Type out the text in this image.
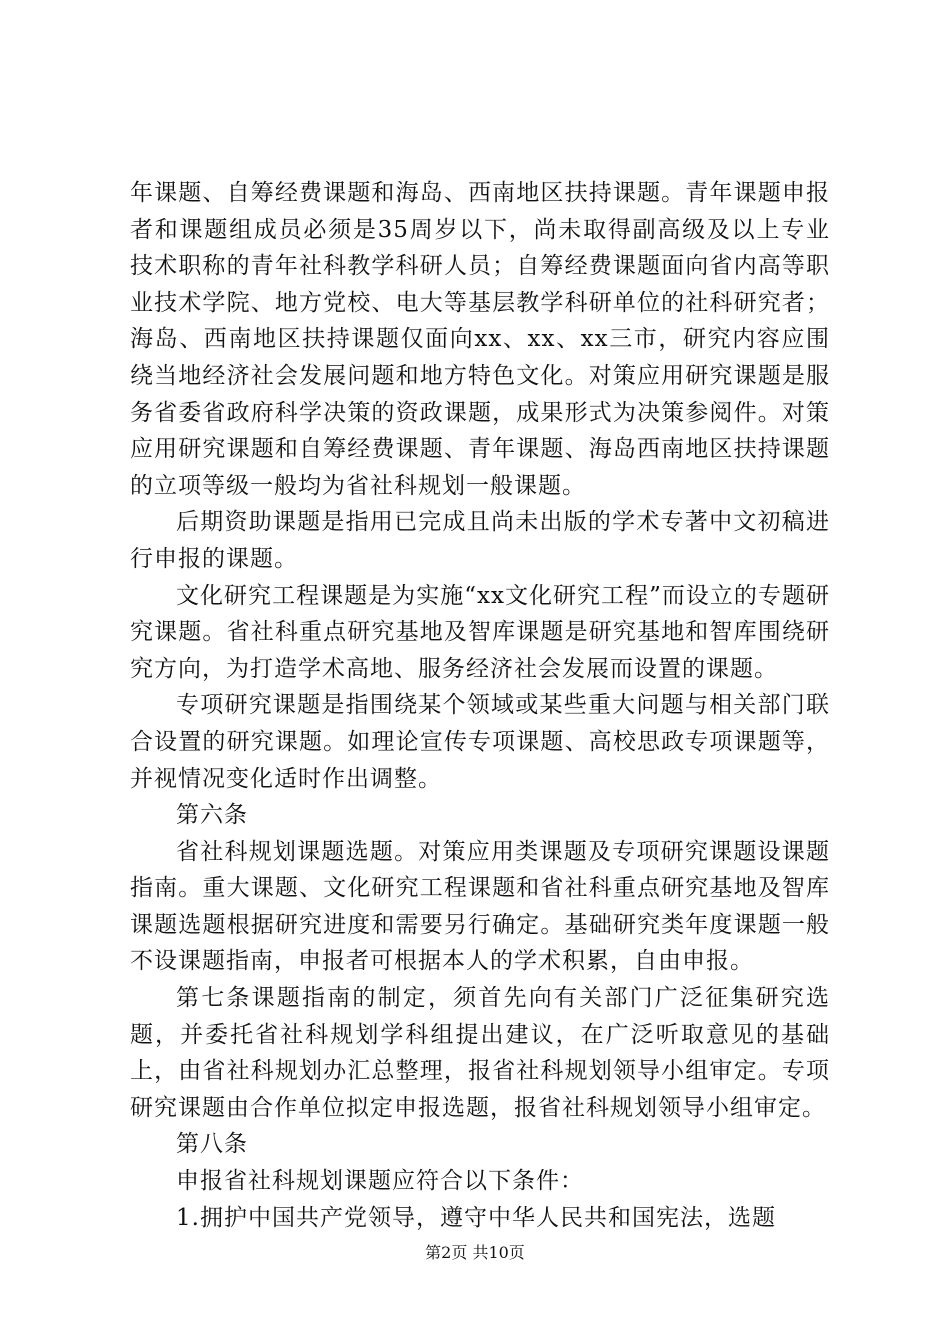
年课题、自筹经费课题和海岛、西南地区扶持课题。青年课题申报者和课题组成员必须是35周岁以下，尚未取得副高级及以上专业技术职称的青年社科教学科研人员；自筹经费课题面向省内高等职业技术学院、地方党校、电大等基层教学科研单位的社科研究者；海岛、西南地区扶持课题仅面向xx、xx、xx三市，研究内容应围绕当地经济社会发展问题和地方特色文化。对策应用研究课题是服务省委省政府科学决策的资政课题，成果形式为决策参阅件。对策应用研究课题和自筹经费课题、青年课题、海岛西南地区扶持课题的立项等级一般均为省社科规划一般课题。

后期资助课题是指用已完成且尚未出版的学术专著中文初稿进行申报的课题。

文化研究工程课题是为实施“xx文化研究工程”而设立的专题研究课题。省社科重点研究基地及智库课题是研究基地和智库围绕研究方向，为打造学术高地、服务经济社会发展而设置的课题。

专项研究课题是指围绕某个领域或某些重大问题与相关部门联合设置的研究课题。如理论宣传专项课题、高校思政专项课题等，并视情况变化适时作出调整。

第六条

省社科规划课题选题。对策应用类课题及专项研究课题设课题指南。重大课题、文化研究工程课题和省社科重点研究基地及智库课题选题根据研究进度和需要另行确定。基础研究类年度课题一般不设课题指南，申报者可根据本人的学术积累，自由申报。

第七条课题指南的制定，须首先向有关部门广泛征集研究选题，并委托省社科规划学科组提出建议，在广泛听取意见的基础上，由省社科规划办汇总整理，报省社科规划领导小组审定。专项研究课题由合作单位拟定申报选题，报省社科规划领导小组审定。

第八条

申报省社科规划课题应符合以下条件：

1.拥护中国共产党领导，遵守中华人民共和国宪法，选题

第2页 共10页
